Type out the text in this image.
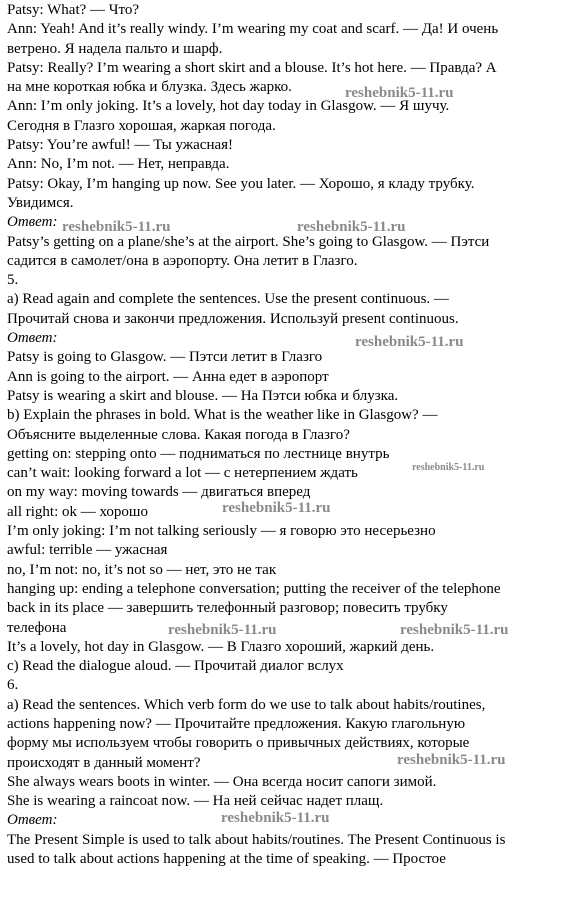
Patsy: What? — Что?
Ann: Yeah! And it’s really windy. I’m wearing my coat and scarf. — Да! И очень
ветрено. Я надела пальто и шарф.
Patsy: Really? I’m wearing a short skirt and a blouse. It’s hot here. — Правда? А
на мне короткая юбка и блузка. Здесь жарко.
Ann: I’m only joking. It’s a lovely, hot day today in Glasgow. — Я шучу.
Сегодня в Глазго хорошая, жаркая погода.
Patsy: You’re awful! — Ты ужасная!
Ann: No, I’m not. — Нет, неправда.
Patsy: Okay, I’m hanging up now. See you later. — Хорошо, я кладу трубку.
Увидимся.
Ответ:
Patsy’s getting on a plane/she’s at the airport. She’s going to Glasgow. — Пэтси
садится в самолет/она в аэропорту. Она летит в Глазго.
5.
a) Read again and complete the sentences. Use the present continuous. —
Прочитай снова и закончи предложения. Используй present continuous.
Ответ:
Patsy is going to Glasgow. — Пэтси летит в Глазго
Ann is going to the airport. — Анна едет в аэропорт
Patsy is wearing a skirt and blouse. — На Пэтси юбка и блузка.
b) Explain the phrases in bold. What is the weather like in Glasgow? —
Объясните выделенные слова. Какая погода в Глазго?
getting on: stepping onto — подниматься по лестнице внутрь
can’t wait: looking forward a lot — с нетерпением ждать
on my way: moving towards — двигаться вперед
all right: ok — хорошо
I’m only joking: I’m not talking seriously — я говорю это несерьезно
awful: terrible — ужасная
no, I’m not: no, it’s not so — нет, это не так
hanging up: ending a telephone conversation; putting the receiver of the telephone
back in its place — завершить телефонный разговор; повесить трубку
телефона
It’s a lovely, hot day in Glasgow. — В Глазго хороший, жаркий день.
c) Read the dialogue aloud. — Прочитай диалог вслух
6.
a) Read the sentences. Which verb form do we use to talk about habits/routines,
actions happening now? — Прочитайте предложения. Какую глагольную
форму мы используем чтобы говорить о привычных действиях, которые
происходят в данный момент?
She always wears boots in winter. — Она всегда носит сапоги зимой.
She is wearing a raincoat now. — На ней сейчас надет плащ.
Ответ:
The Present Simple is used to talk about habits/routines. The Present Continuous is
used to talk about actions happening at the time of speaking. — Простое
reshebnik5-11.ru
reshebnik5-11.ru	reshebnik5-11.ru
reshebnik5-11.ru
reshebnik5-11.ru
reshebnik5-11.ru
reshebnik5-11.ru	reshebnik5-11.ru
reshebnik5-11.ru
reshebnik5-11.ru
